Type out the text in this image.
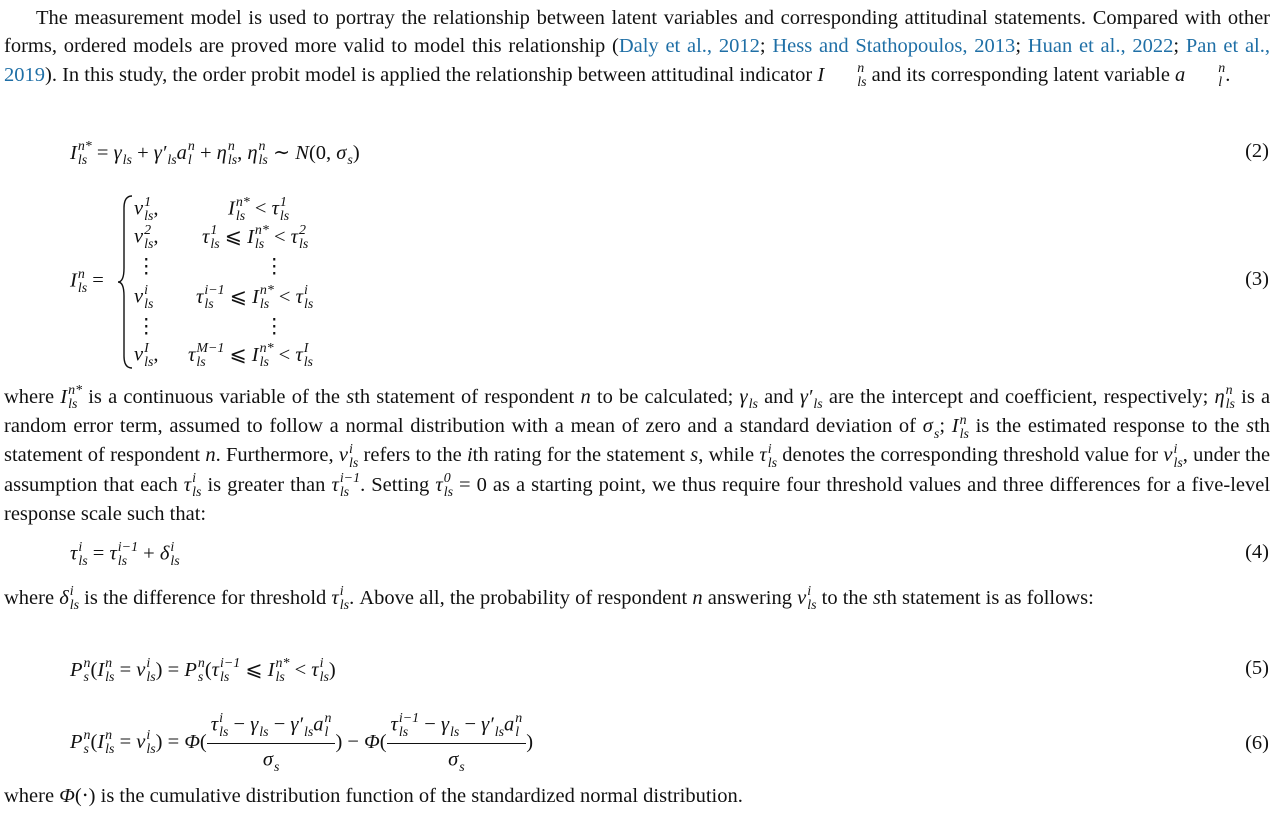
The measurement model is used to portray the relationship between latent variables and corresponding attitudinal statements. Compared with other forms, ordered models are proved more valid to model this relationship (Daly et al., 2012; Hess and Stathopoulos, 2013; Huan et al., 2022; Pan et al., 2019). In this study, the order probit model is applied the relationship between attitudinal indicator I	n
ls and its corresponding latent variable a	n
l .

I n*
ls = γ
ls + γ′
ls a n
l + η n
ls , η n
ls ∼ N(0, σ
s )	(2)
I n
ls =
v 1
ls ,	I n*
ls < τ 1
ls
v 2
ls , τ 1
ls ⩽ I n*
ls < τ 2
ls
⋮	⋮
v i
ls τ i−1
ls ⩽ I n*
ls < τ i
ls
⋮	⋮
v I
ls , τ M−1
ls	⩽ I n*
ls < τ I
ls
(3)

where I n*
ls is a continuous variable of the sth statement of respondent n to be calculated; γ
ls and γ′
ls are the intercept and coefficient, respectively; η n
ls is a random error term, assumed to follow a normal distribution with a mean of zero and a standard deviation of σ
s ; I n
ls is the estimated response to the sth statement of respondent n. Furthermore, v i
ls refers to the ith rating for the statement s, while τ i
ls denotes the corresponding threshold value for v i
ls , under the assumption that each τ i
ls is greater than τ i−1
ls . Setting τ 0
ls = 0 as a starting point, we thus require four threshold values and three differences for a five-level response scale such that:

τ i
ls = τ i−1
ls + δ i
ls	(4)

where δ i
ls is the difference for threshold τ i
ls . Above all, the probability of respondent n answering v i
ls to the sth statement is as follows:

P n
s (I n
ls = v i
ls ) = P n
s (τ i−1
ls ⩽ I n*
ls < τ i
ls )	(5)
P n
s (I n
ls = v i
ls ) = Φ( τ i
ls − γ
ls − γ′
ls a n
l
σ
s ) − Φ( τ i−1
ls − γ
ls − γ′
ls a n
l
σ
s )	(6)

where Φ(⋅) is the cumulative distribution function of the standardized normal distribution.
